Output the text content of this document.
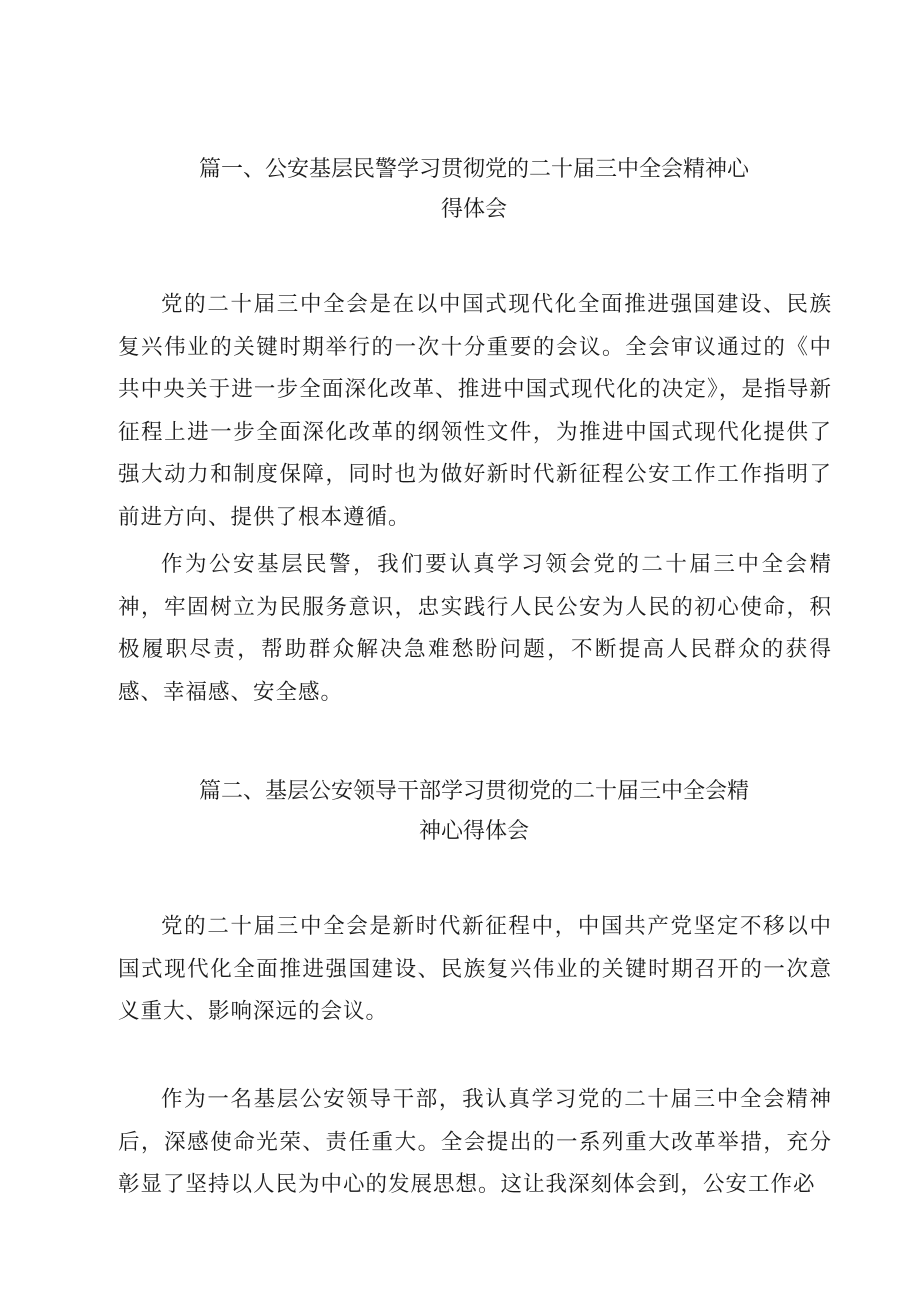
篇一、公安基层民警学习贯彻党的二十届三中全会精神心
得体会

党的二十届三中全会是在以中国式现代化全面推进强国建设、民族复兴伟业的关键时期举行的一次十分重要的会议。全会审议通过的《中共中央关于进一步全面深化改革、推进中国式现代化的决定》，是指导新征程上进一步全面深化改革的纲领性文件，为推进中国式现代化提供了强大动力和制度保障，同时也为做好新时代新征程公安工作工作指明了前进方向、提供了根本遵循。

作为公安基层民警，我们要认真学习领会党的二十届三中全会精神，牢固树立为民服务意识，忠实践行人民公安为人民的初心使命，积极履职尽责，帮助群众解决急难愁盼问题，不断提高人民群众的获得感、幸福感、安全感。

篇二、基层公安领导干部学习贯彻党的二十届三中全会精
神心得体会

党的二十届三中全会是新时代新征程中，中国共产党坚定不移以中国式现代化全面推进强国建设、民族复兴伟业的关键时期召开的一次意义重大、影响深远的会议。

作为一名基层公安领导干部，我认真学习党的二十届三中全会精神后，深感使命光荣、责任重大。全会提出的一系列重大改革举措，充分彰显了坚持以人民为中心的发展思想。这让我深刻体会到，公安工作必
